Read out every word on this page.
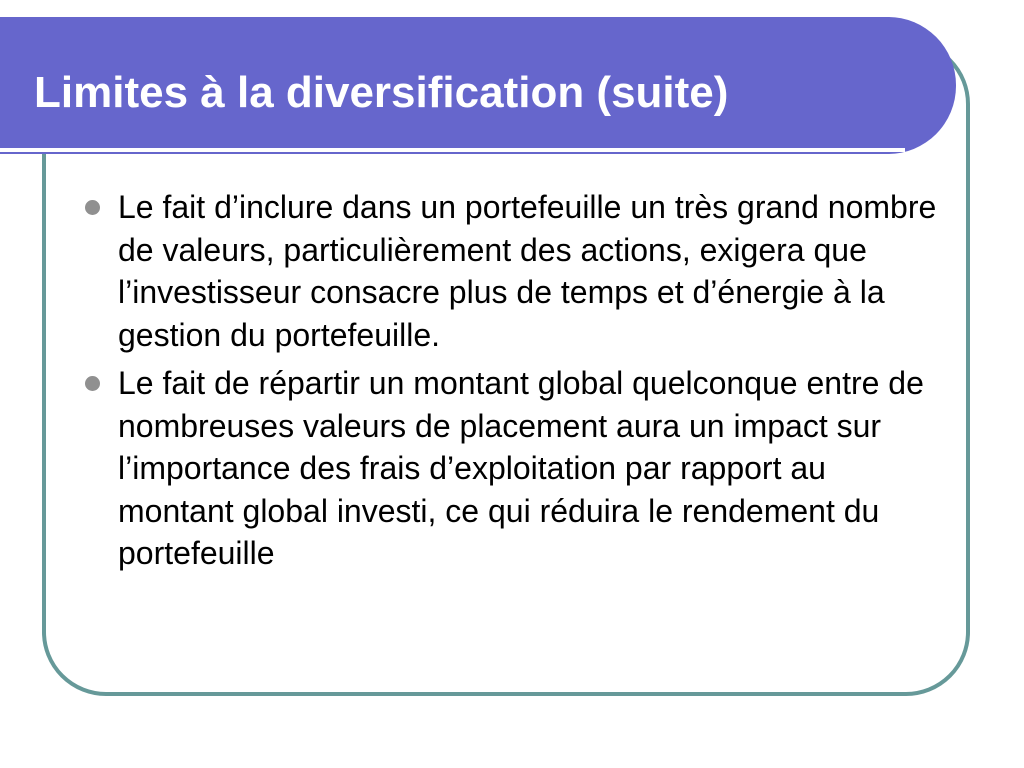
Limites à la diversification (suite)
Le fait d’inclure dans un portefeuille un très grand nombre de valeurs, particulièrement des actions, exigera que l’investisseur consacre plus de temps et d’énergie à la gestion du portefeuille.
Le fait de répartir un montant global quelconque entre de nombreuses valeurs de placement aura un impact sur l’importance des frais d’exploitation par rapport au montant global investi, ce qui réduira le rendement du portefeuille
